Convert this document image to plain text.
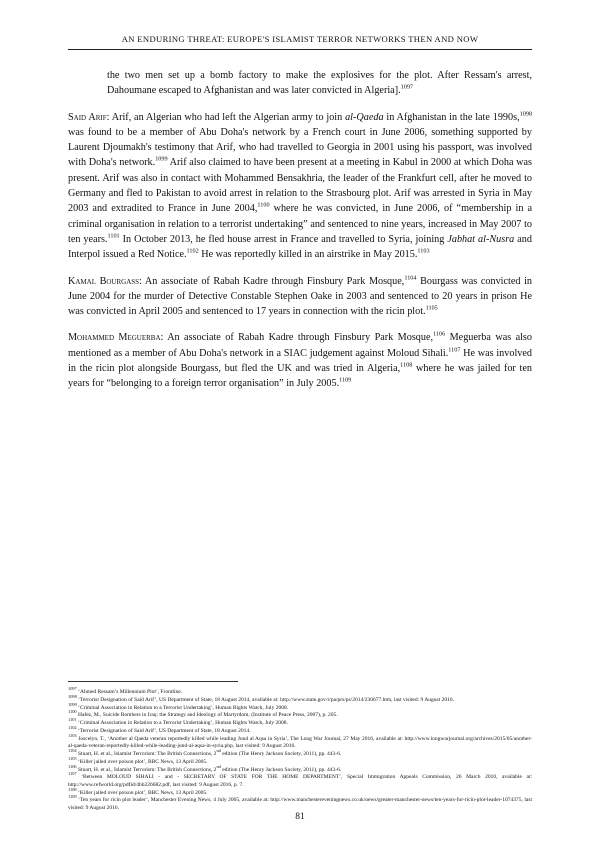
AN ENDURING THREAT: EUROPE'S ISLAMIST TERROR NETWORKS THEN AND NOW

the two men set up a bomb factory to make the explosives for the plot. After Ressam's arrest, Dahoumane escaped to Afghanistan and was later convicted in Algeria].$^{1097}$

Said Arif: Arif, an Algerian who had left the Algerian army to join al-Qaeda in Afghanistan in the late 1990s,$^{1098}$ was found to be a member of Abu Doha's network by a French court in June 2006, something supported by Laurent Djoumakh's testimony that Arif, who had travelled to Georgia in 2001 using his passport, was involved with Doha's network.$^{1099}$ Arif also claimed to have been present at a meeting in Kabul in 2000 at which Doha was present. Arif was also in contact with Mohammed Bensakhria, the leader of the Frankfurt cell, after he moved to Germany and fled to Pakistan to avoid arrest in relation to the Strasbourg plot. Arif was arrested in Syria in May 2003 and extradited to France in June 2004,$^{1100}$ where he was convicted, in June 2006, of “membership in a criminal organisation in relation to a terrorist undertaking” and sentenced to nine years, increased in May 2007 to ten years.$^{1101}$ In October 2013, he fled house arrest in France and travelled to Syria, joining Jabhat al-Nusra and Interpol issued a Red Notice.$^{1102}$ He was reportedly killed in an airstrike in May 2015.$^{1103}$

Kamal Bourgass: An associate of Rabah Kadre through Finsbury Park Mosque,$^{1104}$ Bourgass was convicted in June 2004 for the murder of Detective Constable Stephen Oake in 2003 and sentenced to 20 years in prison He was convicted in April 2005 and sentenced to 17 years in connection with the ricin plot.$^{1105}$

Mohammed Meguerba: An associate of Rabah Kadre through Finsbury Park Mosque,$^{1106}$ Meguerba was also mentioned as a member of Abu Doha's network in a SIAC judgement against Moloud Sihali.$^{1107}$ He was involved in the ricin plot alongside Bourgass, but fled the UK and was tried in Algeria,$^{1108}$ where he was jailed for ten years for “belonging to a foreign terror organisation” in July 2005.$^{1109}$

$^{1097}$ ‘Ahmed Ressam’s Millennium Plot’, Frontline.
$^{1098}$ ‘Terrorist Designation of Said Arif’, US Department of State, 18 August 2014, available at: http://www.state.gov/r/pa/prs/ps/2014/230677.htm, last visited: 9 August 2016.
$^{1099}$ ‘Criminal Association in Relation to a Terrorist Undertaking’, Human Rights Watch, July 2008.
$^{1100}$ Hafez, M., Suicide Bombers in Iraq: the Strategy and Ideology of Martyrdom, (Institute of Peace Press, 2007), p. 205.
$^{1101}$ ‘Criminal Association in Relation to a Terrorist Undertaking’, Human Rights Watch, July 2008.
$^{1102}$ ‘Terrorist Designation of Said Arif’, US Department of State, 18 August 2014.
$^{1103}$ Joscelyn, T., ‘Another al Qaeda veteran reportedly killed while leading Jund al Aqsa in Syria’, The Long War Journal, 27 May 2016, available at: http://www.longwarjournal.org/archives/2015/05/another-al-qaeda-veteran-reportedly-killed-while-leading-jund-al-aqsa-in-syria.php, last visited: 9 August 2016.
$^{1104}$ Stuart, H. et al., Islamist Terrorism: The British Connections, 2nd edition (The Henry Jackson Society, 2011), pp. 443-6.
$^{1105}$ ‘Killer jailed over poison plot’, BBC News, 13 April 2005.
$^{1106}$ Stuart, H. et al., Islamist Terrorism: The British Connections, 2nd edition (The Henry Jackson Society, 2011), pp. 443-6.
$^{1107}$ ‘Between MOLOUD SIHALI - and - SECRETARY OF STATE FOR THE HOME DEPARTMENT’, Special Immigration Appeals Commission, 26 March 2010, available at: http://www.refworld.org/pdfid/4bb226682.pdf, last visited: 9 August 2016, p. 7.
$^{1108}$ ‘Killer jailed over poison plot’, BBC News, 13 April 2005.
$^{1109}$ ‘Ten years for ricin plot leader’, Manchester Evening News, 4 July 2005, available at: http://www.manchestereveningnews.co.uk/news/greater-manchester-news/ten-years-for-ricin-plot-leader-1074375, last visited: 9 August 2016.
81
